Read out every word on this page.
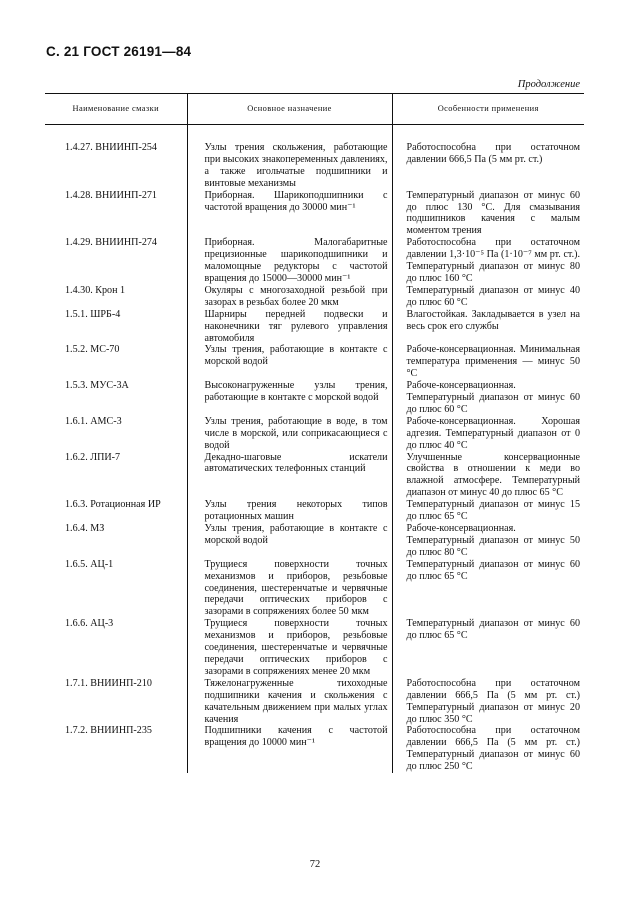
С. 21 ГОСТ 26191—84
Продолжение
Наименование смазки	Основное назначение	Особенности применения
1.4.27. ВНИИНП-254	Узлы трения скольжения, работающие при высоких знакопеременных давлениях, а также игольчатые подшипники и винтовые механизмы	Работоспособна при остаточном давлении 666,5 Па (5 мм рт. ст.)
1.4.28. ВНИИНП-271	Приборная. Шарикоподшипники с частотой вращения до 30000 мин⁻¹	Температурный диапазон от минус 60 до плюс 130 °С. Для смазывания подшипников качения с малым моментом трения
1.4.29. ВНИИНП-274	Приборная. Малогабаритные прецизионные шарикоподшипники и маломощные редукторы с частотой вращения до 15000—30000 мин⁻¹	Работоспособна при остаточном давлении 1,3·10⁻⁵ Па (1·10⁻⁷ мм рт. ст.). Температурный диапазон от минус 80 до плюс 160 °С
1.4.30. Крон 1	Окуляры с многозаходной резьбой при зазорах в резьбах более 20 мкм	Температурный диапазон от минус 40 до плюс 60 °С
1.5.1. ШРБ-4	Шарниры передней подвески и наконечники тяг рулевого управления автомобиля	Влагостойкая. Закладывается в узел на весь срок его службы
1.5.2. МС-70	Узлы трения, работающие в контакте с морской водой	Рабоче-консервационная. Минимальная температура применения — минус 50 °С
1.5.3. МУС-3А	Высоконагруженные узлы трения, работающие в контакте с морской водой	Рабоче-консервационная. Температурный диапазон от минус 60 до плюс 60 °С
1.6.1. АМС-3	Узлы трения, работающие в воде, в том числе в морской, или соприкасающиеся с водой	Рабоче-консервационная. Хорошая адгезия. Температурный диапазон от 0 до плюс 40 °С
1.6.2. ЛПИ-7	Декадно-шаговые искатели автоматических телефонных станций	Улучшенные консервационные свойства в отношении к меди во влажной атмосфере. Температурный диапазон от минус 40 до плюс 65 °С
1.6.3. Ротационная ИР	Узлы трения некоторых типов ротационных машин	Температурный диапазон от минус 15 до плюс 65 °С
1.6.4. МЗ	Узлы трения, работающие в контакте с морской водой	Рабоче-консервационная. Температурный диапазон от минус 50 до плюс 80 °С
1.6.5. АЦ-1	Трущиеся поверхности точных механизмов и приборов, резьбовые соединения, шестеренчатые и червячные передачи оптических приборов с зазорами в сопряжениях более 50 мкм	Температурный диапазон от минус 60 до плюс 65 °С
1.6.6. АЦ-3	Трущиеся поверхности точных механизмов и приборов, резьбовые соединения, шестеренчатые и червячные передачи оптических приборов с зазорами в сопряжениях менее 20 мкм	Температурный диапазон от минус 60 до плюс 65 °С
1.7.1. ВНИИНП-210	Тяжелонагруженные тихоходные подшипники качения и скольжения с качательным движением при малых углах качения	Работоспособна при остаточном давлении 666,5 Па (5 мм рт. ст.) Температурный диапазон от минус 20 до плюс 350 °С
1.7.2. ВНИИНП-235	Подшипники качения с частотой вращения до 10000 мин⁻¹	Работоспособна при остаточном давлении 666,5 Па (5 мм рт. ст.) Температурный диапазон от минус 60 до плюс 250 °С
72
